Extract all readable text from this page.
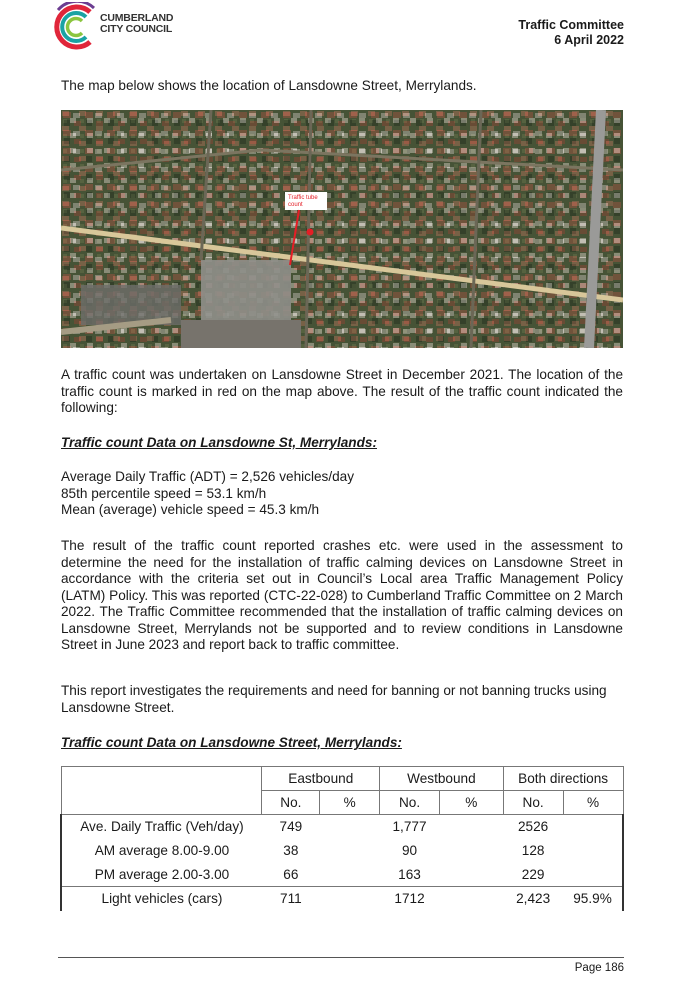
CUMBERLAND
CITY COUNCIL	Traffic Committee
6 April 2022
The map below shows the location of Lansdowne Street, Merrylands.
Traffic tube
count
A traffic count was undertaken on Lansdowne Street in December 2021. The location of the traffic count is marked in red on the map above. The result of the traffic count indicated the following:
Traffic count Data on Lansdowne St, Merrylands:
Average Daily Traffic (ADT) = 2,526 vehicles/day
85th percentile speed = 53.1 km/h
Mean (average) vehicle speed = 45.3 km/h
The result of the traffic count reported crashes etc. were used in the assessment to determine the need for the installation of traffic calming devices on Lansdowne Street in accordance with the criteria set out in Council’s Local area Traffic Management Policy (LATM) Policy. This was reported (CTC-22-028) to Cumberland Traffic Committee on 2 March 2022. The Traffic Committee recommended that the installation of traffic calming devices on Lansdowne Street, Merrylands not be supported and to review conditions in Lansdowne Street in June 2023 and report back to traffic committee.
This report investigates the requirements and need for banning or not banning trucks using Lansdowne Street.
Traffic count Data on Lansdowne Street, Merrylands:
	Eastbound		Westbound		Both directions	
	No.	%	No.	%	No.	%
Ave. Daily Traffic (Veh/day)	749		1,777		2526	
AM average 8.00-9.00	38		90		128	
PM average 2.00-3.00	66		163		229	
Light vehicles (cars)	711		1712		2,423	95.9%
Page 186
